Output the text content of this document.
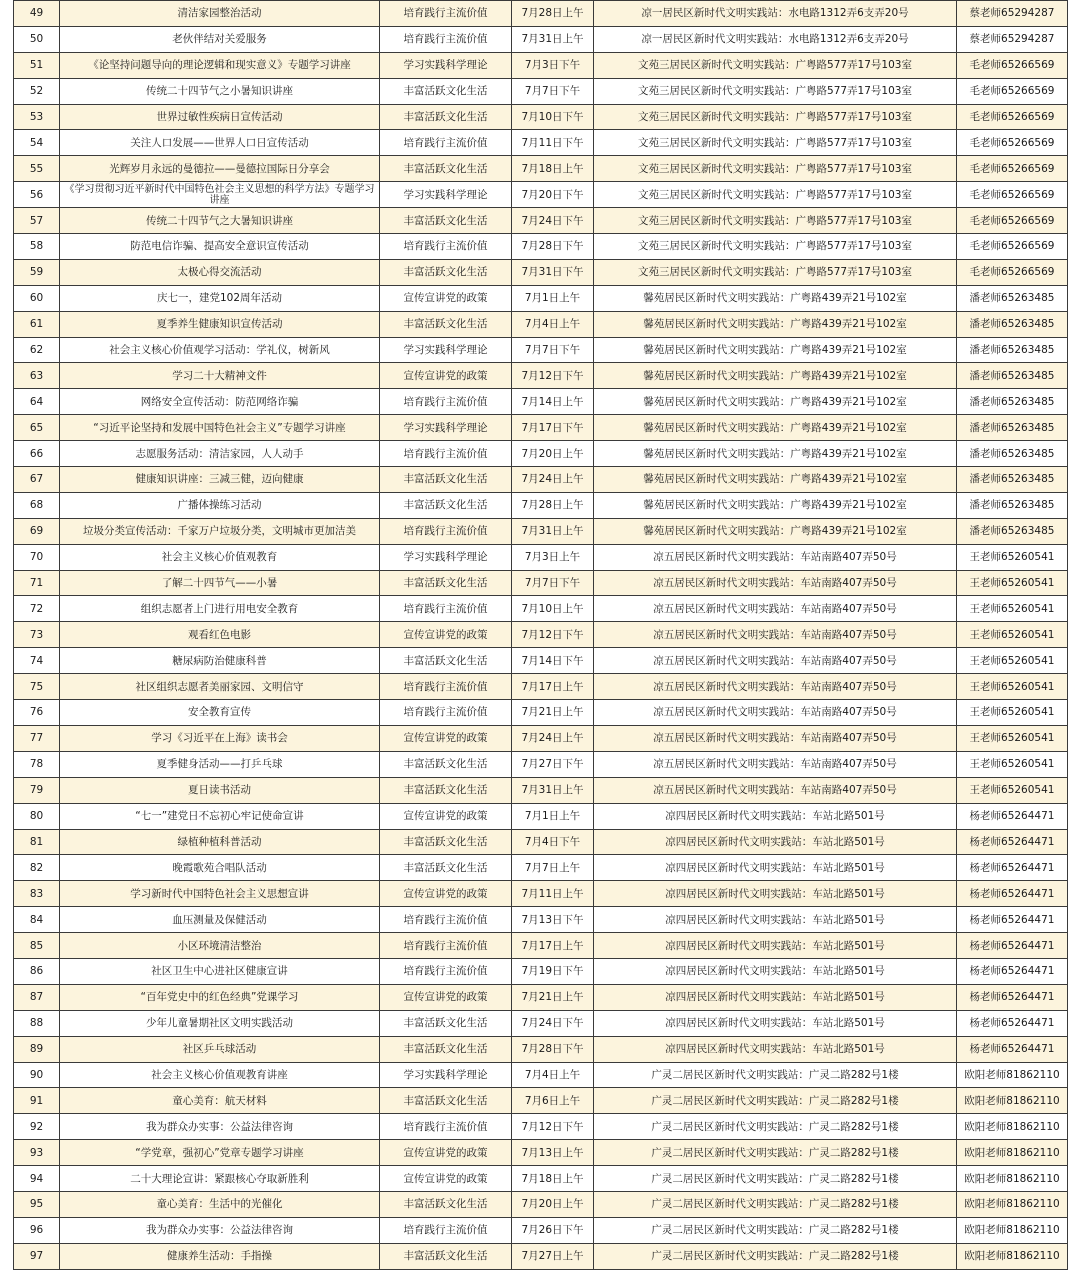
49	清洁家园整治活动	培育践行主流价值	7月28日上午	凉一居民区新时代文明实践站：水电路1312弄6支弄20号	蔡老师65294287
50	老伙伴结对关爱服务	培育践行主流价值	7月31日上午	凉一居民区新时代文明实践站：水电路1312弄6支弄20号	蔡老师65294287
51	《论坚持问题导向的理论逻辑和现实意义》专题学习讲座	学习实践科学理论	7月3日下午	文苑三居民区新时代文明实践站：广粤路577弄17号103室	毛老师65266569
52	传统二十四节气之小暑知识讲座	丰富活跃文化生活	7月7日下午	文苑三居民区新时代文明实践站：广粤路577弄17号103室	毛老师65266569
53	世界过敏性疾病日宣传活动	丰富活跃文化生活	7月10日下午	文苑三居民区新时代文明实践站：广粤路577弄17号103室	毛老师65266569
54	关注人口发展——世界人口日宣传活动	培育践行主流价值	7月11日下午	文苑三居民区新时代文明实践站：广粤路577弄17号103室	毛老师65266569
55	光辉岁月永远的曼德拉——曼德拉国际日分享会	丰富活跃文化生活	7月18日上午	文苑三居民区新时代文明实践站：广粤路577弄17号103室	毛老师65266569
56	《学习贯彻习近平新时代中国特色社会主义思想的科学方法》专题学习讲座	学习实践科学理论	7月20日下午	文苑三居民区新时代文明实践站：广粤路577弄17号103室	毛老师65266569
57	传统二十四节气之大暑知识讲座	丰富活跃文化生活	7月24日下午	文苑三居民区新时代文明实践站：广粤路577弄17号103室	毛老师65266569
58	防范电信诈骗、提高安全意识宣传活动	培育践行主流价值	7月28日下午	文苑三居民区新时代文明实践站：广粤路577弄17号103室	毛老师65266569
59	太极心得交流活动	丰富活跃文化生活	7月31日下午	文苑三居民区新时代文明实践站：广粤路577弄17号103室	毛老师65266569
60	庆七一，建党102周年活动	宣传宣讲党的政策	7月1日上午	馨苑居民区新时代文明实践站：广粤路439弄21号102室	潘老师65263485
61	夏季养生健康知识宣传活动	丰富活跃文化生活	7月4日上午	馨苑居民区新时代文明实践站：广粤路439弄21号102室	潘老师65263485
62	社会主义核心价值观学习活动：学礼仪，树新风	学习实践科学理论	7月7日下午	馨苑居民区新时代文明实践站：广粤路439弄21号102室	潘老师65263485
63	学习二十大精神文件	宣传宣讲党的政策	7月12日下午	馨苑居民区新时代文明实践站：广粤路439弄21号102室	潘老师65263485
64	网络安全宣传活动：防范网络诈骗	培育践行主流价值	7月14日上午	馨苑居民区新时代文明实践站：广粤路439弄21号102室	潘老师65263485
65	“习近平论坚持和发展中国特色社会主义”专题学习讲座	学习实践科学理论	7月17日下午	馨苑居民区新时代文明实践站：广粤路439弄21号102室	潘老师65263485
66	志愿服务活动：清洁家园，人人动手	培育践行主流价值	7月20日上午	馨苑居民区新时代文明实践站：广粤路439弄21号102室	潘老师65263485
67	健康知识讲座：三减三健，迈向健康	丰富活跃文化生活	7月24日上午	馨苑居民区新时代文明实践站：广粤路439弄21号102室	潘老师65263485
68	广播体操练习活动	丰富活跃文化生活	7月28日上午	馨苑居民区新时代文明实践站：广粤路439弄21号102室	潘老师65263485
69	垃圾分类宣传活动：千家万户垃圾分类，文明城市更加洁美	培育践行主流价值	7月31日上午	馨苑居民区新时代文明实践站：广粤路439弄21号102室	潘老师65263485
70	社会主义核心价值观教育	学习实践科学理论	7月3日上午	凉五居民区新时代文明实践站：车站南路407弄50号	王老师65260541
71	了解二十四节气——小暑	丰富活跃文化生活	7月7日下午	凉五居民区新时代文明实践站：车站南路407弄50号	王老师65260541
72	组织志愿者上门进行用电安全教育	培育践行主流价值	7月10日上午	凉五居民区新时代文明实践站：车站南路407弄50号	王老师65260541
73	观看红色电影	宣传宣讲党的政策	7月12日下午	凉五居民区新时代文明实践站：车站南路407弄50号	王老师65260541
74	糖尿病防治健康科普	丰富活跃文化生活	7月14日下午	凉五居民区新时代文明实践站：车站南路407弄50号	王老师65260541
75	社区组织志愿者美丽家园、文明信守	培育践行主流价值	7月17日上午	凉五居民区新时代文明实践站：车站南路407弄50号	王老师65260541
76	安全教育宣传	培育践行主流价值	7月21日上午	凉五居民区新时代文明实践站：车站南路407弄50号	王老师65260541
77	学习《习近平在上海》读书会	宣传宣讲党的政策	7月24日上午	凉五居民区新时代文明实践站：车站南路407弄50号	王老师65260541
78	夏季健身活动——打乒乓球	丰富活跃文化生活	7月27日下午	凉五居民区新时代文明实践站：车站南路407弄50号	王老师65260541
79	夏日读书活动	丰富活跃文化生活	7月31日上午	凉五居民区新时代文明实践站：车站南路407弄50号	王老师65260541
80	“七一”建党日不忘初心牢记使命宣讲	宣传宣讲党的政策	7月1日上午	凉四居民区新时代文明实践站：车站北路501号	杨老师65264471
81	绿植种植科普活动	丰富活跃文化生活	7月4日下午	凉四居民区新时代文明实践站：车站北路501号	杨老师65264471
82	晚霞歌苑合唱队活动	丰富活跃文化生活	7月7日上午	凉四居民区新时代文明实践站：车站北路501号	杨老师65264471
83	学习新时代中国特色社会主义思想宣讲	宣传宣讲党的政策	7月11日上午	凉四居民区新时代文明实践站：车站北路501号	杨老师65264471
84	血压测量及保健活动	培育践行主流价值	7月13日下午	凉四居民区新时代文明实践站：车站北路501号	杨老师65264471
85	小区环境清洁整治	培育践行主流价值	7月17日上午	凉四居民区新时代文明实践站：车站北路501号	杨老师65264471
86	社区卫生中心进社区健康宣讲	培育践行主流价值	7月19日下午	凉四居民区新时代文明实践站：车站北路501号	杨老师65264471
87	“百年党史中的红色经典”党课学习	宣传宣讲党的政策	7月21日上午	凉四居民区新时代文明实践站：车站北路501号	杨老师65264471
88	少年儿童暑期社区文明实践活动	丰富活跃文化生活	7月24日下午	凉四居民区新时代文明实践站：车站北路501号	杨老师65264471
89	社区乒乓球活动	丰富活跃文化生活	7月28日下午	凉四居民区新时代文明实践站：车站北路501号	杨老师65264471
90	社会主义核心价值观教育讲座	学习实践科学理论	7月4日上午	广灵二居民区新时代文明实践站：广灵二路282号1楼	欧阳老师81862110
91	童心美育：航天材料	丰富活跃文化生活	7月6日上午	广灵二居民区新时代文明实践站：广灵二路282号1楼	欧阳老师81862110
92	我为群众办实事：公益法律咨询	培育践行主流价值	7月12日下午	广灵二居民区新时代文明实践站：广灵二路282号1楼	欧阳老师81862110
93	“学党章，强初心”党章专题学习讲座	宣传宣讲党的政策	7月13日上午	广灵二居民区新时代文明实践站：广灵二路282号1楼	欧阳老师81862110
94	二十大理论宣讲：紧跟核心夺取新胜利	宣传宣讲党的政策	7月18日上午	广灵二居民区新时代文明实践站：广灵二路282号1楼	欧阳老师81862110
95	童心美育：生活中的光催化	丰富活跃文化生活	7月20日上午	广灵二居民区新时代文明实践站：广灵二路282号1楼	欧阳老师81862110
96	我为群众办实事：公益法律咨询	培育践行主流价值	7月26日下午	广灵二居民区新时代文明实践站：广灵二路282号1楼	欧阳老师81862110
97	健康养生活动：手指操	丰富活跃文化生活	7月27日上午	广灵二居民区新时代文明实践站：广灵二路282号1楼	欧阳老师81862110
